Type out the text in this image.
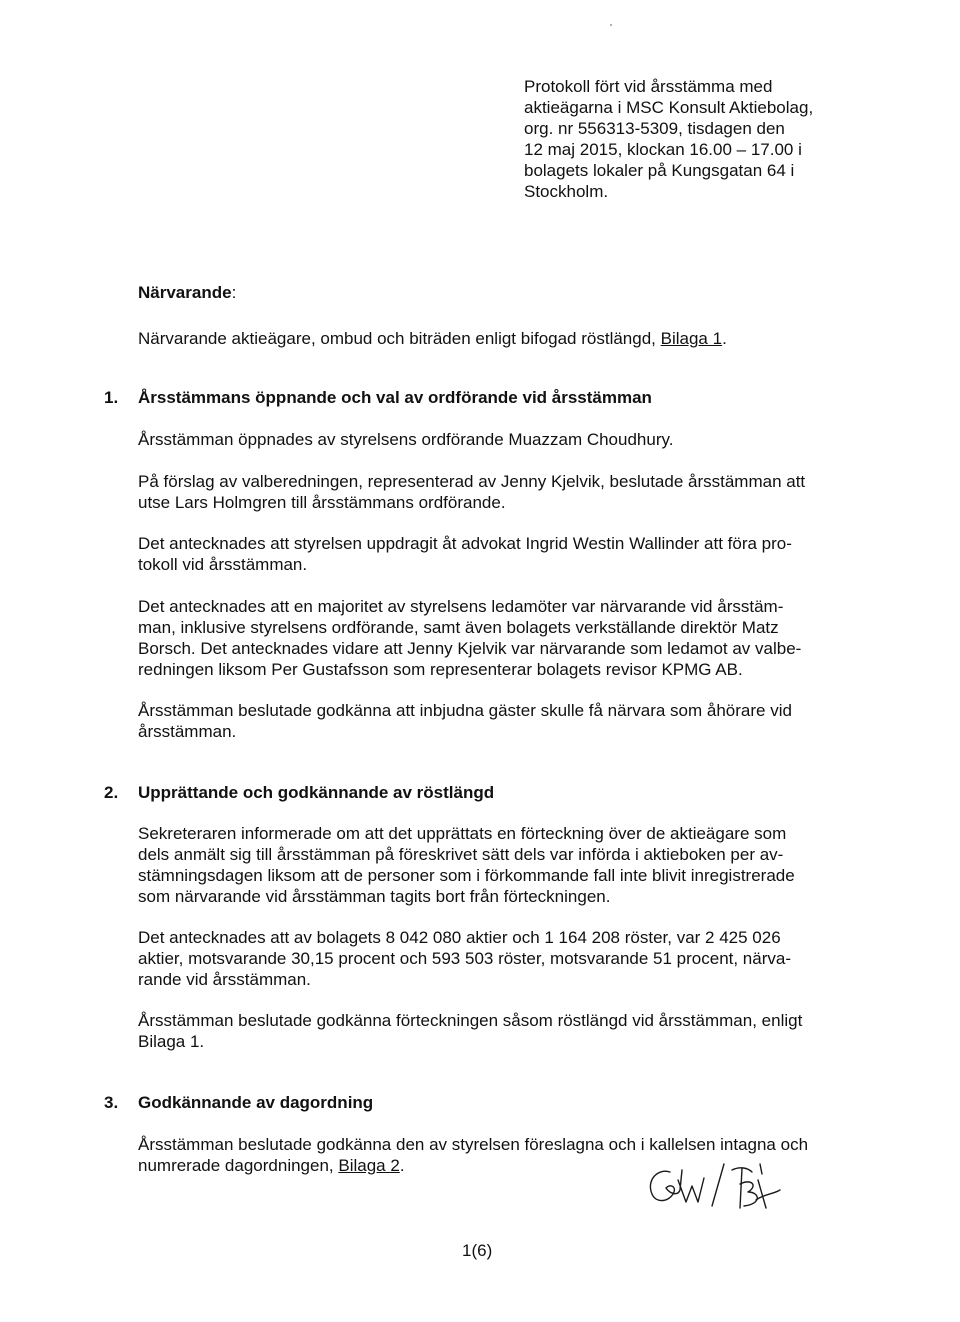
Protokoll fört vid årsstämma med
aktieägarna i MSC Konsult Aktiebolag,
org. nr 556313-5309, tisdagen den
12 maj 2015, klockan 16.00 – 17.00 i
bolagets lokaler på Kungsgatan 64 i
Stockholm.
Närvarande:
Närvarande aktieägare, ombud och biträden enligt bifogad röstlängd, Bilaga 1.
1. Årsstämmans öppnande och val av ordförande vid årsstämman
Årsstämman öppnades av styrelsens ordförande Muazzam Choudhury.
På förslag av valberedningen, representerad av Jenny Kjelvik, beslutade årsstämman att
utse Lars Holmgren till årsstämmans ordförande.
Det antecknades att styrelsen uppdragit åt advokat Ingrid Westin Wallinder att föra pro-
tokoll vid årsstämman.
Det antecknades att en majoritet av styrelsens ledamöter var närvarande vid årsstäm-
man, inklusive styrelsens ordförande, samt även bolagets verkställande direktör Matz
Borsch. Det antecknades vidare att Jenny Kjelvik var närvarande som ledamot av valbe-
redningen liksom Per Gustafsson som representerar bolagets revisor KPMG AB.
Årsstämman beslutade godkänna att inbjudna gäster skulle få närvara som åhörare vid
årsstämman.
2. Upprättande och godkännande av röstlängd
Sekreteraren informerade om att det upprättats en förteckning över de aktieägare som
dels anmält sig till årsstämman på föreskrivet sätt dels var införda i aktieboken per av-
stämningsdagen liksom att de personer som i förkommande fall inte blivit inregistrerade
som närvarande vid årsstämman tagits bort från förteckningen.
Det antecknades att av bolagets 8 042 080 aktier och 1 164 208 röster, var 2 425 026
aktier, motsvarande 30,15 procent och 593 503 röster, motsvarande 51 procent, närva-
rande vid årsstämman.
Årsstämman beslutade godkänna förteckningen såsom röstlängd vid årsstämman, enligt
Bilaga 1.
3. Godkännande av dagordning
Årsstämman beslutade godkänna den av styrelsen föreslagna och i kallelsen intagna och
numrerade dagordningen, Bilaga 2.
1(6)
